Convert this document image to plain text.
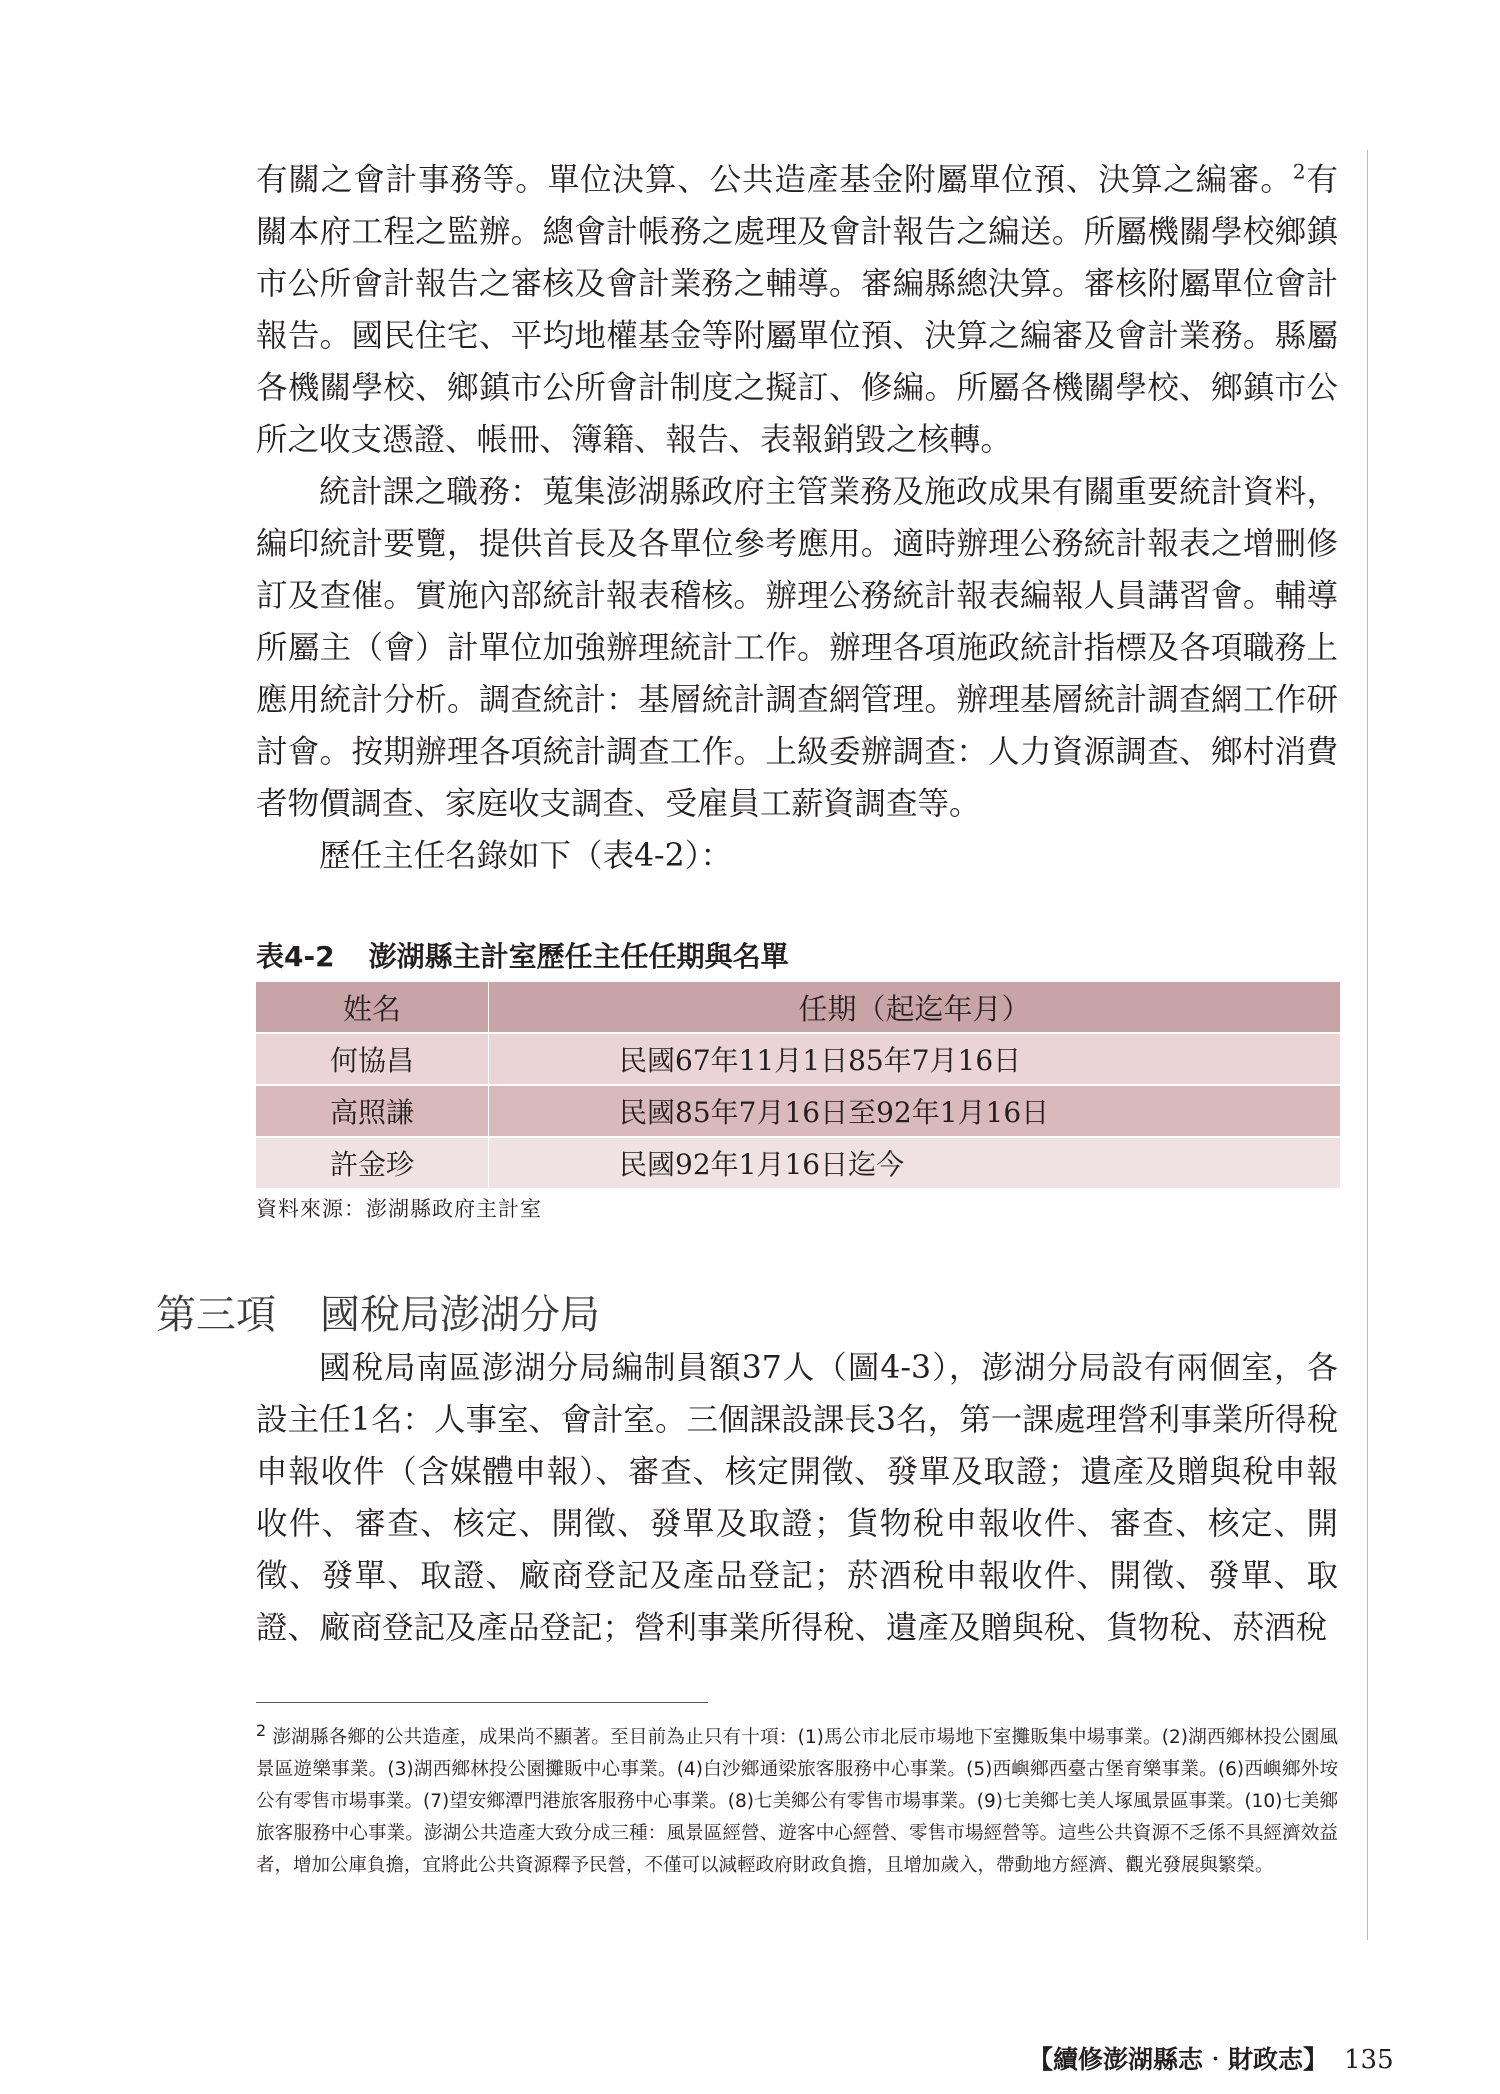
有關之會計事務等。單位決算、公共造產基金附屬單位預、決算之編審。$^2$有關本府工程之監辦。總會計帳務之處理及會計報告之編送。所屬機關學校鄉鎮市公所會計報告之審核及會計業務之輔導。審編縣總決算。審核附屬單位會計報告。國民住宅、平均地權基金等附屬單位預、決算之編審及會計業務。縣屬各機關學校、鄉鎮市公所會計制度之擬訂、修編。所屬各機關學校、鄉鎮市公所之收支憑證、帳冊、簿籍、報告、表報銷毀之核轉。

統計課之職務：蒐集澎湖縣政府主管業務及施政成果有關重要統計資料，編印統計要覽，提供首長及各單位參考應用。適時辦理公務統計報表之增刪修訂及查催。實施內部統計報表稽核。辦理公務統計報表編報人員講習會。輔導所屬主（會）計單位加強辦理統計工作。辦理各項施政統計指標及各項職務上應用統計分析。調查統計：基層統計調查網管理。辦理基層統計調查網工作研討會。按期辦理各項統計調查工作。上級委辦調查：人力資源調查、鄉村消費者物價調查、家庭收支調查、受雇員工薪資調查等。

歷任主任名錄如下（表4-2）：

表4-2 澎湖縣主計室歷任主任任期與名單
姓名	任期（起迄年月）
何協昌	民國67年11月1日85年7月16日
高照謙	民國85年7月16日至92年1月16日
許金珍	民國92年1月16日迄今
資料來源：澎湖縣政府主計室
第三項 國稅局澎湖分局

國稅局南區澎湖分局編制員額37人（圖4-3），澎湖分局設有兩個室，各設主任1名：人事室、會計室。三個課設課長3名，第一課處理營利事業所得稅申報收件（含媒體申報）、審查、核定開徵、發單及取證；遺產及贈與稅申報收件、審查、核定、開徵、發單及取證；貨物稅申報收件、審查、核定、開徵、發單、取證、廠商登記及產品登記；菸酒稅申報收件、開徵、發單、取證、廠商登記及產品登記；營利事業所得稅、遺產及贈與稅、貨物稅、菸酒稅

2 澎湖縣各鄉的公共造產，成果尚不顯著。至目前為止只有十項：(1)馬公市北辰市場地下室攤販集中場事業。(2)湖西鄉林投公園風景區遊樂事業。(3)湖西鄉林投公園攤販中心事業。(4)白沙鄉通梁旅客服務中心事業。(5)西嶼鄉西臺古堡育樂事業。(6)西嶼鄉外垵公有零售市場事業。(7)望安鄉潭門港旅客服務中心事業。(8)七美鄉公有零售市場事業。(9)七美鄉七美人塚風景區事業。(10)七美鄉旅客服務中心事業。澎湖公共造產大致分成三種：風景區經營、遊客中心經營、零售市場經營等。這些公共資源不乏係不具經濟效益者，增加公庫負擔，宜將此公共資源釋予民營，不僅可以減輕政府財政負擔，且增加歲入，帶動地方經濟、觀光發展與繁榮。
【續修澎湖縣志‧財政志】 135
